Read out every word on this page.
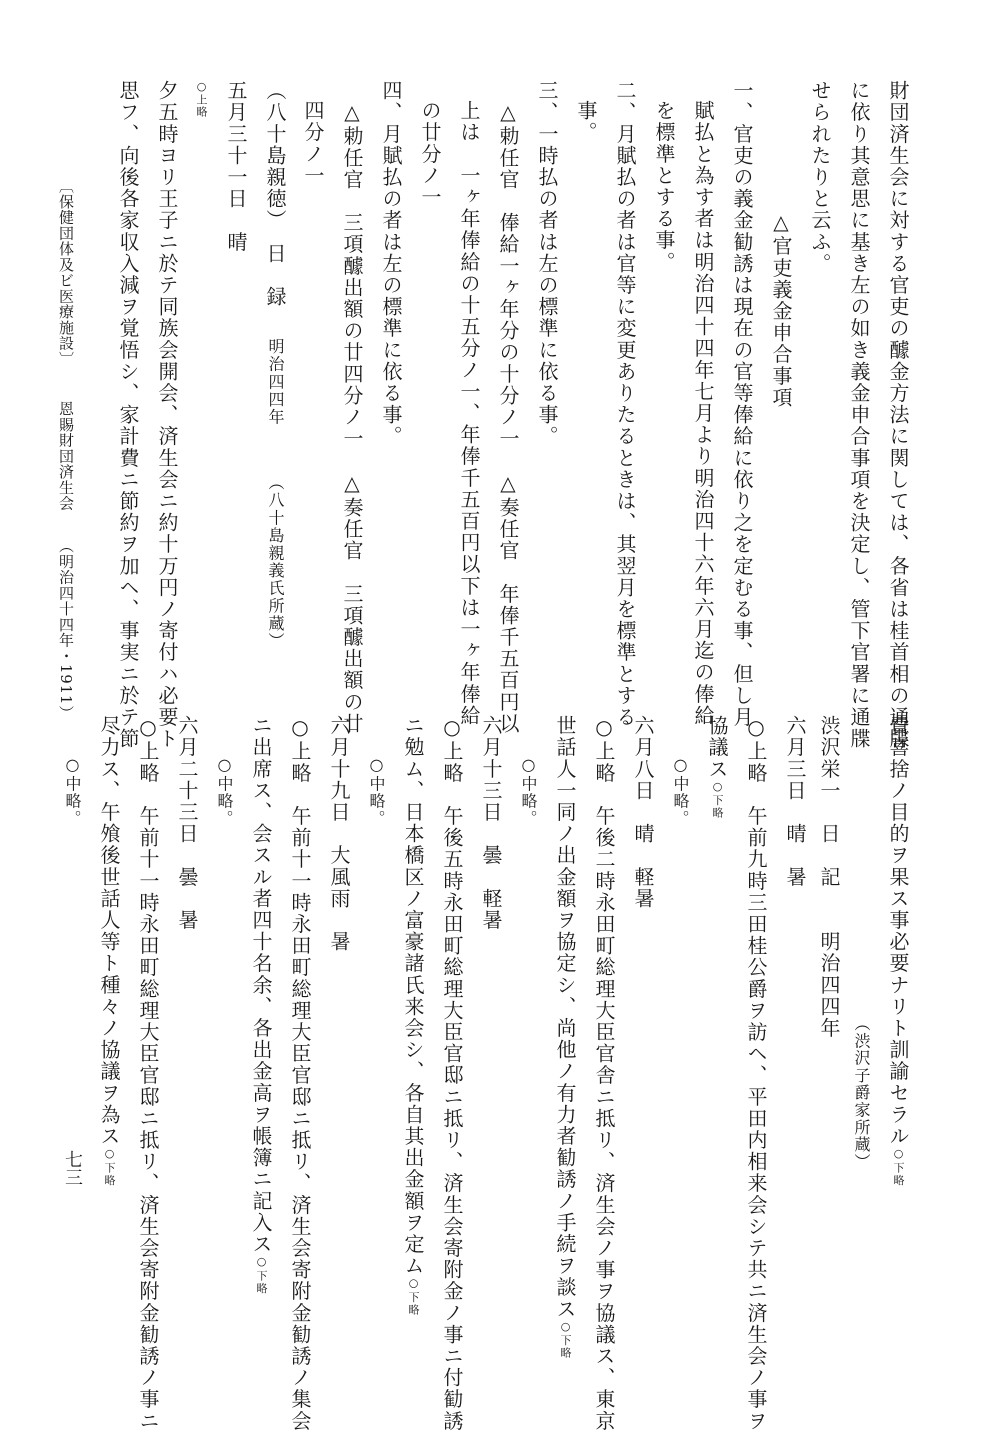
財団済生会に対する官吏の醵金方法に関しては、各省は桂首相の通牒
に依り其意思に基き左の如き義金申合事項を決定し、管下官署に通牒
せられたりと云ふ。
△官吏義金申合事項
一、官吏の義金勧誘は現在の官等俸給に依り之を定むる事、但し月
賦払と為す者は明治四十四年七月より明治四十六年六月迄の俸給
を標準とする事。
二、月賦払の者は官等に変更ありたるときは、其翌月を標準とする
事。
三、一時払の者は左の標準に依る事。
△勅任官　俸給一ヶ年分の十分ノ一　△奏任官　年俸千五百円以
上は　一ヶ年俸給の十五分ノ一、年俸千五百円以下は一ヶ年俸給
の廿分ノ一
四、月賦払の者は左の標準に依る事。
△勅任官　三項醵出額の廿四分ノ一　△奏任官　三項醵出額の廿
四分ノ一
（八十島親徳）　日　録明治四四年（八十島親義氏所蔵）
五月三十一日　晴
○上略
夕五時ヨリ王子ニ於テ同族会開会、済生会ニ約十万円ノ寄付ハ必要ト
思フ、向後各家収入減ヲ覚悟シ、家計費ニ節約ヲ加ヘ、事実ニ於テ節
費喜捨ノ目的ヲ果ス事必要ナリト訓諭セラル○下略
（渋沢子爵家所蔵）
渋沢栄一　日　記　　明治四四年
六月三日　晴　暑
○上略　午前九時三田桂公爵ヲ訪ヘ、平田内相来会シテ共ニ済生会ノ事ヲ
協議ス○下略
○中略。
六月八日　晴　軽暑
○上略　午後二時永田町総理大臣官舎ニ抵リ、済生会ノ事ヲ協議ス、東京
世話人一同ノ出金額ヲ協定シ、尚他ノ有力者勧誘ノ手続ヲ談ス○下略
○中略。
六月十三日　曇　軽暑
○上略　午後五時永田町総理大臣官邸ニ抵リ、済生会寄附金ノ事ニ付勧誘
ニ勉ム、日本橋区ノ富豪諸氏来会シ、各自其出金額ヲ定ム○下略
○中略。
六月十九日　大風雨　暑
○上略　午前十一時永田町総理大臣官邸ニ抵リ、済生会寄附金勧誘ノ集会
ニ出席ス、会スル者四十名余、各出金高ヲ帳簿ニ記入ス○下略
○中略。
六月二十三日　曇　暑
○上略　午前十一時永田町総理大臣官邸ニ抵リ、済生会寄附金勧誘ノ事ニ
尽力ス、午飧後世話人等ト種々ノ協議ヲ為ス○下略
○中略。
〔保健団体及ビ医療施設〕 恩賜財団済生会 （明治四十四年・1911）
七三
